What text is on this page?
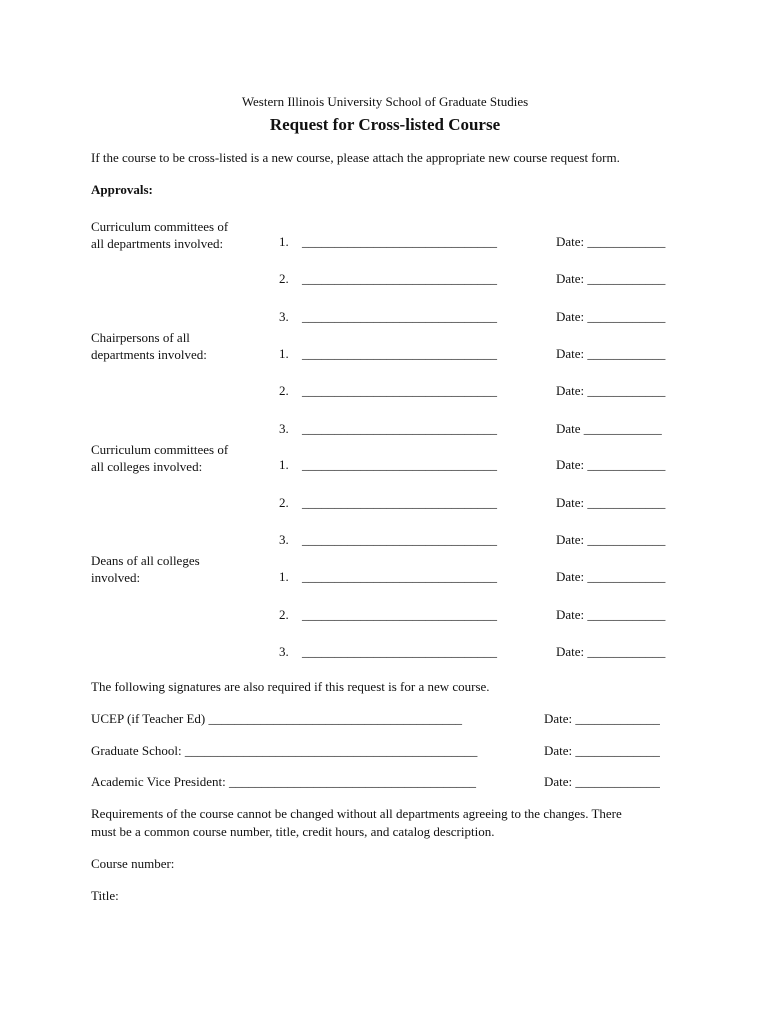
Western Illinois University School of Graduate Studies
Request for Cross-listed Course
If the course to be cross-listed is a new course, please attach the appropriate new course request form.
Approvals:
Curriculum committees of
all departments involved:	1. ______________________________	Date: ____________
2. ______________________________	Date: ____________
3. ______________________________	Date: ____________
Chairpersons of all
departments involved:	1. ______________________________	Date: ____________
2. ______________________________	Date: ____________
3. ______________________________	Date ____________
Curriculum committees of
all colleges involved:	1. ______________________________	Date: ____________
2. ______________________________	Date: ____________
3. ______________________________	Date: ____________
Deans of all colleges
involved:	1. ______________________________	Date: ____________
2. ______________________________	Date: ____________
3. ______________________________	Date: ____________
The following signatures are also required if this request is for a new course.
UCEP (if Teacher Ed) _______________________________________	Date: _____________
Graduate School: _____________________________________________	Date: _____________
Academic Vice President: ______________________________________	Date: _____________
Requirements of the course cannot be changed without all departments agreeing to the changes. There
must be a common course number, title, credit hours, and catalog description.
Course number:
Title:
